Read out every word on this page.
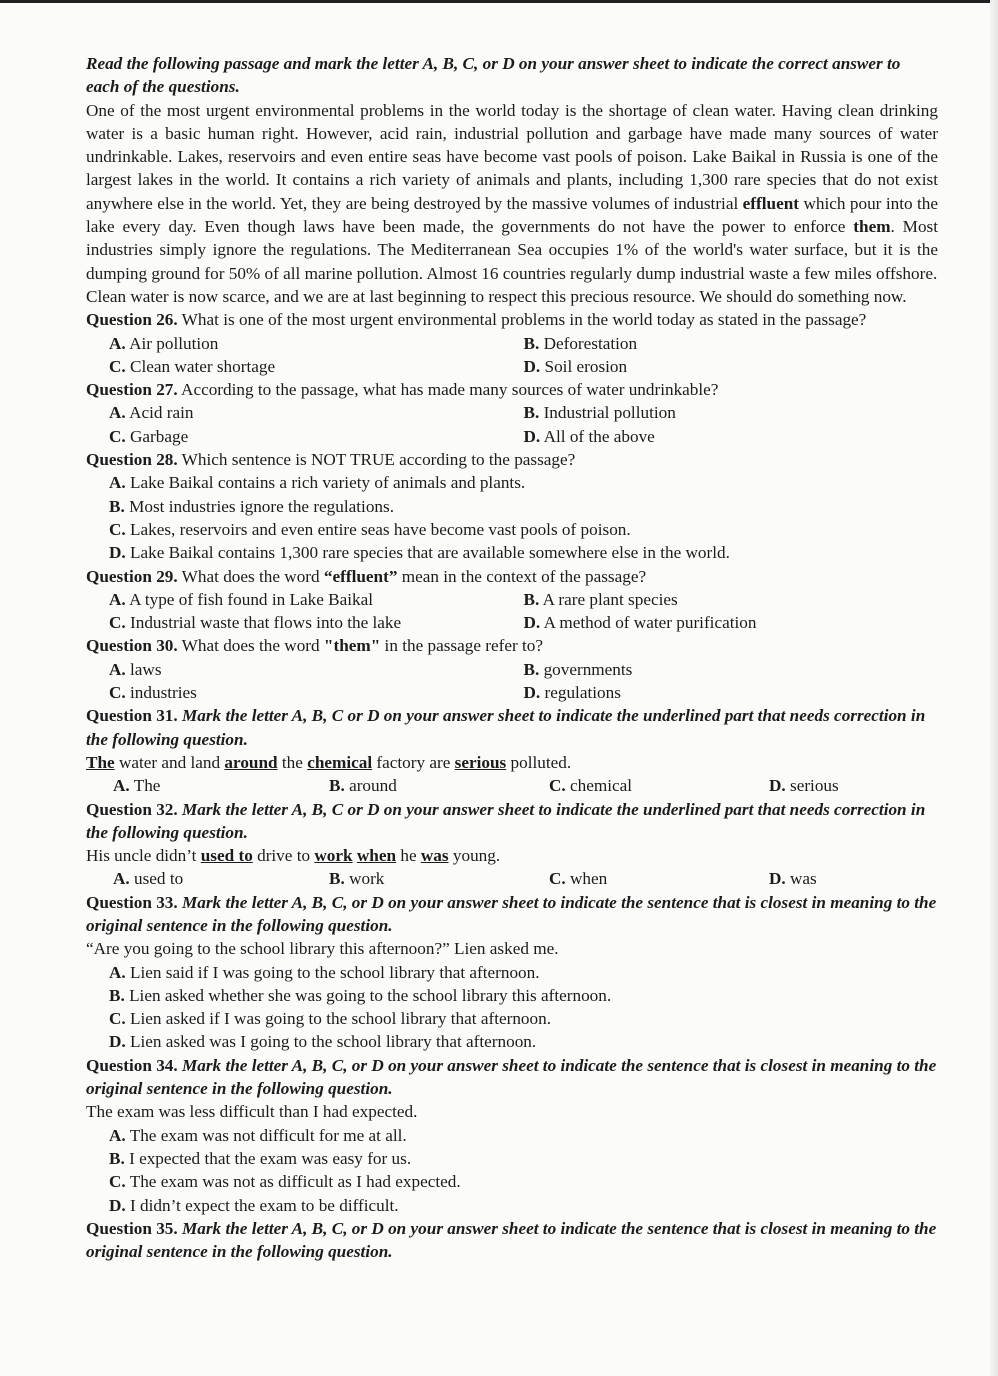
Read the following passage and mark the letter A, B, C, or D on your answer sheet to indicate the correct answer to each of the questions.
One of the most urgent environmental problems in the world today is the shortage of clean water. Having clean drinking water is a basic human right. However, acid rain, industrial pollution and garbage have made many sources of water undrinkable. Lakes, reservoirs and even entire seas have become vast pools of poison. Lake Baikal in Russia is one of the largest lakes in the world. It contains a rich variety of animals and plants, including 1,300 rare species that do not exist anywhere else in the world. Yet, they are being destroyed by the massive volumes of industrial effluent which pour into the lake every day. Even though laws have been made, the governments do not have the power to enforce them. Most industries simply ignore the regulations. The Mediterranean Sea occupies 1% of the world's water surface, but it is the dumping ground for 50% of all marine pollution. Almost 16 countries regularly dump industrial waste a few miles offshore.
Clean water is now scarce, and we are at last beginning to respect this precious resource. We should do something now.
Question 26. What is one of the most urgent environmental problems in the world today as stated in the passage?
A. Air pollution	B. Deforestation
C. Clean water shortage	D. Soil erosion
Question 27. According to the passage, what has made many sources of water undrinkable?
A. Acid rain	B. Industrial pollution
C. Garbage	D. All of the above
Question 28. Which sentence is NOT TRUE according to the passage?
A. Lake Baikal contains a rich variety of animals and plants.
B. Most industries ignore the regulations.
C. Lakes, reservoirs and even entire seas have become vast pools of poison.
D. Lake Baikal contains 1,300 rare species that are available somewhere else in the world.
Question 29. What does the word “effluent” mean in the context of the passage?
A. A type of fish found in Lake Baikal	B. A rare plant species
C. Industrial waste that flows into the lake	D. A method of water purification
Question 30. What does the word "them" in the passage refer to?
A. laws	B. governments
C. industries	D. regulations
Question 31. Mark the letter A, B, C or D on your answer sheet to indicate the underlined part that needs correction in the following question.
The water and land around the chemical factory are serious polluted.
A. The	B. around	C. chemical	D. serious
Question 32. Mark the letter A, B, C or D on your answer sheet to indicate the underlined part that needs correction in the following question.
His uncle didn’t used to drive to work when he was young.
A. used to	B. work	C. when	D. was
Question 33. Mark the letter A, B, C, or D on your answer sheet to indicate the sentence that is closest in meaning to the original sentence in the following question.
“Are you going to the school library this afternoon?” Lien asked me.
A. Lien said if I was going to the school library that afternoon.
B. Lien asked whether she was going to the school library this afternoon.
C. Lien asked if I was going to the school library that afternoon.
D. Lien asked was I going to the school library that afternoon.
Question 34. Mark the letter A, B, C, or D on your answer sheet to indicate the sentence that is closest in meaning to the original sentence in the following question.
The exam was less difficult than I had expected.
A. The exam was not difficult for me at all.
B. I expected that the exam was easy for us.
C. The exam was not as difficult as I had expected.
D. I didn’t expect the exam to be difficult.
Question 35. Mark the letter A, B, C, or D on your answer sheet to indicate the sentence that is closest in meaning to the original sentence in the following question.
